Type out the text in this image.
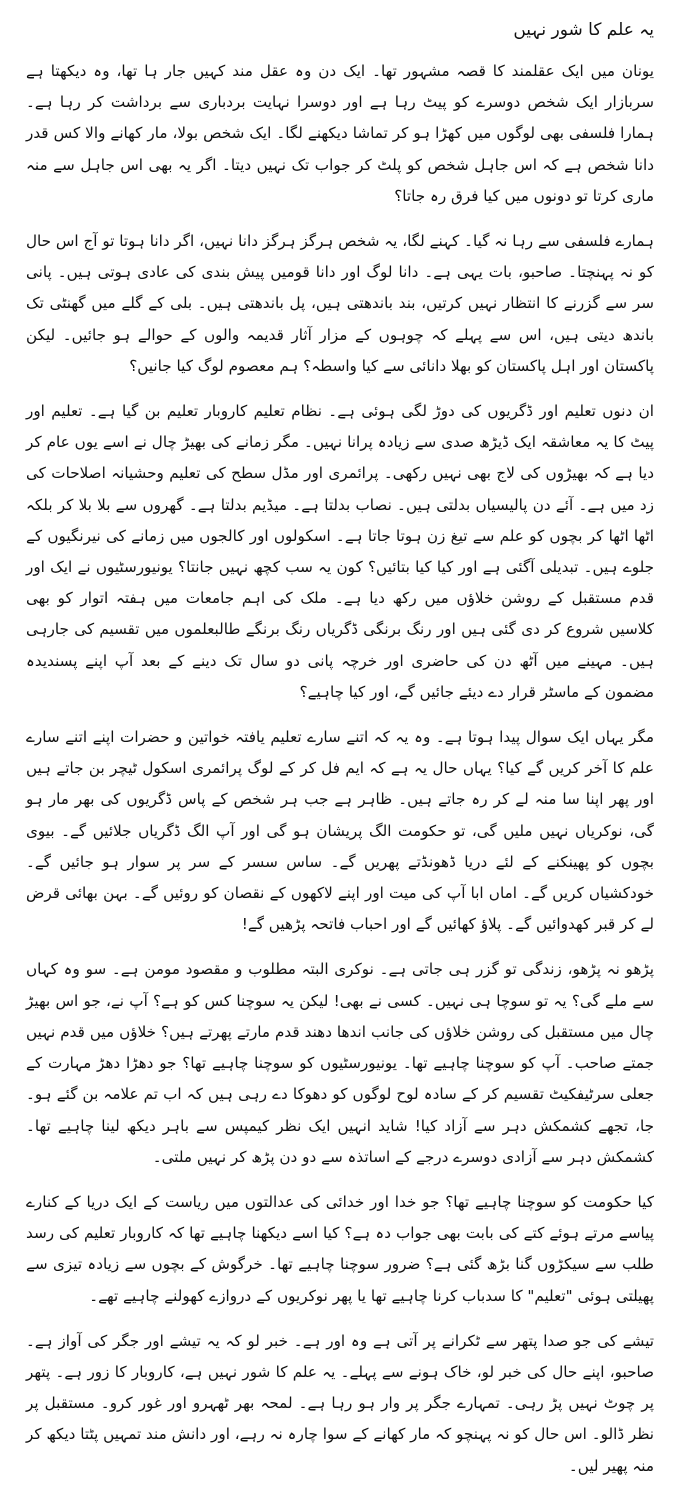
یہ علم کا شور نہیں

یونان میں ایک عقلمند کا قصہ مشہور تھا۔ ایک دن وہ عقل مند کہیں جار ہا تھا، وہ دیکھتا ہے سربازار ایک شخص دوسرے کو پیٹ رہا ہے اور دوسرا نہایت بردباری سے برداشت کر رہا ہے۔ ہمارا فلسفی بھی لوگوں میں کھڑا ہو کر تماشا دیکھنے لگا۔ ایک شخص بولا، مار کھانے والا کس قدر دانا شخص ہے کہ اس جاہل شخص کو پلٹ کر جواب تک نہیں دیتا۔ اگر یہ بھی اس جاہل سے منہ ماری کرتا تو دونوں میں کیا فرق رہ جاتا؟

ہمارے فلسفی سے رہا نہ گیا۔ کہنے لگا، یہ شخص ہرگز ہرگز دانا نہیں، اگر دانا ہوتا تو آج اس حال کو نہ پہنچتا۔ صاحبو، بات یہی ہے۔ دانا لوگ اور دانا قومیں پیش بندی کی عادی ہوتی ہیں۔ پانی سر سے گزرنے کا انتظار نہیں کرتیں، بند باندھتی ہیں، پل باندھتی ہیں۔ بلی کے گلے میں گھنٹی تک باندھ دیتی ہیں، اس سے پہلے کہ چوہوں کے مزار آثار قدیمہ والوں کے حوالے ہو جائیں۔ لیکن پاکستان اور اہل پاکستان کو بھلا دانائی سے کیا واسطہ؟ ہم معصوم لوگ کیا جانیں؟

ان دنوں تعلیم اور ڈگریوں کی دوڑ لگی ہوئی ہے۔ نظام تعلیم کاروبار تعلیم بن گیا ہے۔ تعلیم اور پیٹ کا یہ معاشقہ ایک ڈیڑھ صدی سے زیادہ پرانا نہیں۔ مگر زمانے کی بھیڑ چال نے اسے یوں عام کر دیا ہے کہ بھیڑوں کی لاج بھی نہیں رکھی۔ پرائمری اور مڈل سطح کی تعلیم وحشیانہ اصلاحات کی زد میں ہے۔ آئے دن پالیسیاں بدلتی ہیں۔ نصاب بدلتا ہے۔ میڈیم بدلتا ہے۔ گھروں سے بلا بلا کر بلکہ اٹھا اٹھا کر بچوں کو علم سے تیغ زن ہوتا جاتا ہے۔ اسکولوں اور کالجوں میں زمانے کی نیرنگیوں کے جلوے ہیں۔ تبدیلی آگئی ہے اور کیا کیا بتائیں؟ کون یہ سب کچھ نہیں جانتا؟ یونیورسٹیوں نے ایک اور قدم مستقبل کے روشن خلاؤں میں رکھ دیا ہے۔ ملک کی اہم جامعات میں ہفتہ اتوار کو بھی کلاسیں شروع کر دی گئی ہیں اور رنگ برنگی ڈگریاں رنگ برنگے طالبعلموں میں تقسیم کی جارہی ہیں۔ مہینے میں آٹھ دن کی حاضری اور خرچہ پانی دو سال تک دینے کے بعد آپ اپنے پسندیدہ مضمون کے ماسٹر قرار دے دیئے جائیں گے، اور کیا چاہیے؟

مگر یہاں ایک سوال پیدا ہوتا ہے۔ وہ یہ کہ اتنے سارے تعلیم یافتہ خواتین و حضرات اپنے اتنے سارے علم کا آخر کریں گے کیا؟ یہاں حال یہ ہے کہ ایم فل کر کے لوگ پرائمری اسکول ٹیچر بن جاتے ہیں اور پھر اپنا سا منہ لے کر رہ جاتے ہیں۔ ظاہر ہے جب ہر شخص کے پاس ڈگریوں کی بھر مار ہو گی، نوکریاں نہیں ملیں گی، تو حکومت الگ پریشان ہو گی اور آپ الگ ڈگریاں جلائیں گے۔ بیوی بچوں کو پھینکنے کے لئے دریا ڈھونڈتے پھریں گے۔ ساس سسر کے سر پر سوار ہو جائیں گے۔ خودکشیاں کریں گے۔ اماں ابا آپ کی میت اور اپنے لاکھوں کے نقصان کو روئیں گے۔ بہن بھائی قرض لے کر قبر کھدوائیں گے۔ پلاؤ کھائیں گے اور احباب فاتحہ پڑھیں گے!

پڑھو نہ پڑھو، زندگی تو گزر ہی جاتی ہے۔ نوکری البتہ مطلوب و مقصود مومن ہے۔ سو وہ کہاں سے ملے گی؟ یہ تو سوچا ہی نہیں۔ کسی نے بھی! لیکن یہ سوچنا کس کو ہے؟ آپ نے، جو اس بھیڑ چال میں مستقبل کی روشن خلاؤں کی جانب اندھا دھند قدم مارتے پھرتے ہیں؟ خلاؤں میں قدم نہیں جمتے صاحب۔ آپ کو سوچنا چاہیے تھا۔ یونیورسٹیوں کو سوچنا چاہیے تھا؟ جو دھڑا دھڑ مہارت کے جعلی سرٹیفکیٹ تقسیم کر کے سادہ لوح لوگوں کو دھوکا دے رہی ہیں کہ اب تم علامہ بن گئے ہو۔ جا، تجھے کشمکش دہر سے آزاد کیا! شاید انہیں ایک نظر کیمپس سے باہر دیکھ لینا چاہیے تھا۔ کشمکش دہر سے آزادی دوسرے درجے کے اساتذہ سے دو دن پڑھ کر نہیں ملتی۔

کیا حکومت کو سوچنا چاہیے تھا؟ جو خدا اور خدائی کی عدالتوں میں ریاست کے ایک دریا کے کنارے پیاسے مرتے ہوئے کتے کی بابت بھی جواب دہ ہے؟ کیا اسے دیکھنا چاہیے تھا کہ کاروبار تعلیم کی رسد طلب سے سیکڑوں گنا بڑھ گئی ہے؟ ضرور سوچنا چاہیے تھا۔ خرگوش کے بچوں سے زیادہ تیزی سے پھیلتی ہوئی "تعلیم" کا سدباب کرنا چاہیے تھا یا پھر نوکریوں کے دروازے کھولنے چاہیے تھے۔

تیشے کی جو صدا پتھر سے ٹکرانے پر آتی ہے وہ اور ہے۔ خبر لو کہ یہ تیشے اور جگر کی آواز ہے۔ صاحبو، اپنے حال کی خبر لو، خاک ہونے سے پہلے۔ یہ علم کا شور نہیں ہے، کاروبار کا زور ہے۔ پتھر پر چوٹ نہیں پڑ رہی۔ تمہارے جگر پر وار ہو رہا ہے۔ لمحہ بھر ٹھہرو اور غور کرو۔ مستقبل پر نظر ڈالو۔ اس حال کو نہ پہنچو کہ مار کھانے کے سوا چارہ نہ رہے، اور دانش مند تمہیں پٹتا دیکھ کر منہ پھیر لیں۔
